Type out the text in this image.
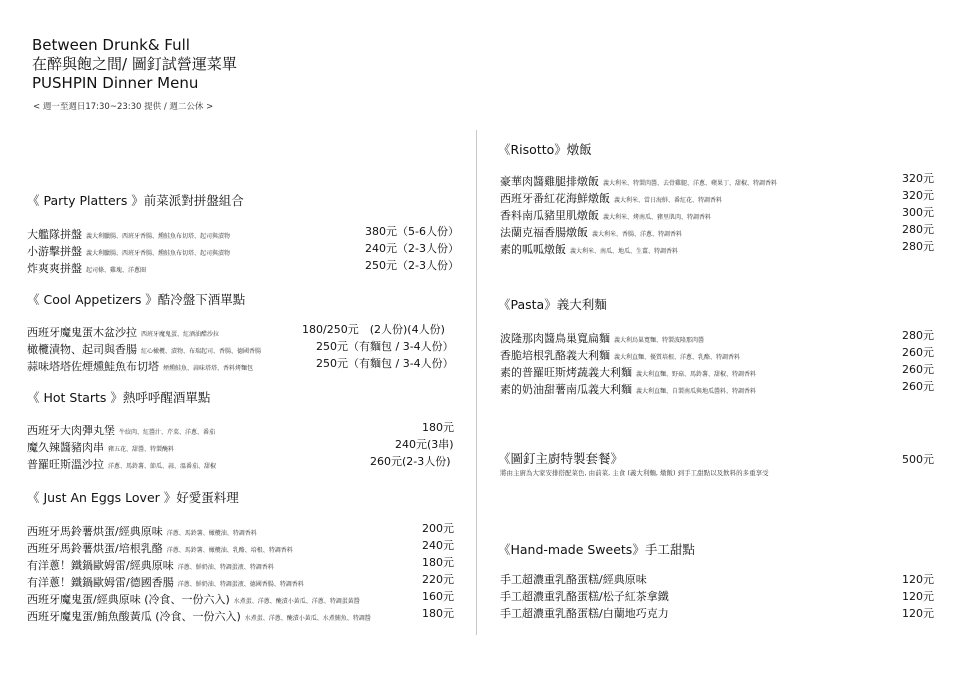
Between Drunk& Full
在醉與飽之間/ 圖釘試營運菜單
PUSHPIN Dinner Menu
< 週一至週日17:30~23:30 提供 / 週二公休 >
《 Party Platters 》前菜派對拼盤組合
大艦隊拼盤 義大利臘腸、西班牙香腸、燻鮭魚布切塔、起司與漬物	380元（5-6人份）
小游擊拼盤 義大利臘腸、西班牙香腸、燻鮭魚布切塔、起司與漬物	240元（2-3人份）
炸爽爽拼盤 起司條、雞塊、洋蔥圈	250元（2-3人份）
《 Cool Appetizers 》酷冷盤下酒單點
西班牙魔鬼蛋木盆沙拉 西班牙魔鬼蛋、紅酒油醋沙拉	180/250元　(2人份)(4人份)
橄欖漬物、起司與香腸 紅心橄欖、漬物、布瑞起司、香腸、德國香腸	250元（有麵包 / 3-4人份）
蒜味塔塔佐煙燻鮭魚布切塔 煙燻鮭魚、蒜味塔塔、香料烤麵包	250元（有麵包 / 3-4人份）
《 Hot Starts 》熱呼呼醒酒單點
西班牙大肉彈丸堡 牛絞肉、紅醬汁、芹菜、洋蔥、番茄	180元
魔久辣醬豬肉串 豬五花、甜醬、特製醃料	240元(3串)
普羅旺斯溫沙拉 洋蔥、馬鈴薯、節瓜、蒜、溫番茄、甜椒	260元(2-3人份)
《 Just An Eggs Lover 》好愛蛋料理
西班牙馬鈴薯烘蛋/經典原味 洋蔥、馬鈴薯、橄欖油、特調香料	200元
西班牙馬鈴薯烘蛋/培根乳酪 洋蔥、馬鈴薯、橄欖油、乳酪、培根、特調香料	240元
有洋蔥！鐵鍋歐姆雷/經典原味 洋蔥、鮮奶油、特調蛋液、特調香料	180元
有洋蔥！鐵鍋歐姆雷/德國香腸 洋蔥、鮮奶油、特調蛋液、德國香腸、特調香料	220元
西班牙魔鬼蛋/經典原味 (冷食、一份六入) 水煮蛋、洋蔥、醃漬小黃瓜、洋蔥、特調蛋黃醬	160元
西班牙魔鬼蛋/鮪魚酸黃瓜 (冷食、一份六入) 水煮蛋、洋蔥、醃漬小黃瓜、水煮鮪魚、特調醬	180元
《Risotto》燉飯
豪華肉醬雞腿排燉飯 義大利米、特製肉醬、去骨雞腿、洋蔥、蘋果丁、甜椒、特調香料	320元
西班牙番紅花海鮮燉飯 義大利米、當日海鮮、番紅花、特調香料	320元
香料南瓜豬里肌燉飯 義大利米、烤南瓜、豬里肌肉、特調香料	300元
法蘭克福香腸燉飯 義大利米、香腸、洋蔥、特調香料	280元
素的呱呱燉飯 義大利米、南瓜、地瓜、生薑、特調香料	280元
《Pasta》義大利麵
波隆那肉醬鳥巢寬扁麵 義大利鳥巢寬麵、特製波隆那肉醬	280元
香脆培根乳酪義大利麵 義大利直麵、優質培根、洋蔥、乳酪、特調香料	260元
素的普羅旺斯烤蔬義大利麵 義大利直麵、野菇、馬鈴薯、甜椒、特調香料	260元
素的奶油甜薯南瓜義大利麵 義大利直麵、自製南瓜與地瓜醬料、特調香料	260元
《圖釘主廚特製套餐》	500元
將由主廚為大家安排搭配菜色, 由前菜, 主食 (義大利麵, 燉飯) 到手工甜點以及飲料的多重享受
《Hand-made Sweets》手工甜點
手工超濃重乳酪蛋糕/經典原味	120元
手工超濃重乳酪蛋糕/松子紅茶拿鐵	120元
手工超濃重乳酪蛋糕/白蘭地巧克力	120元
